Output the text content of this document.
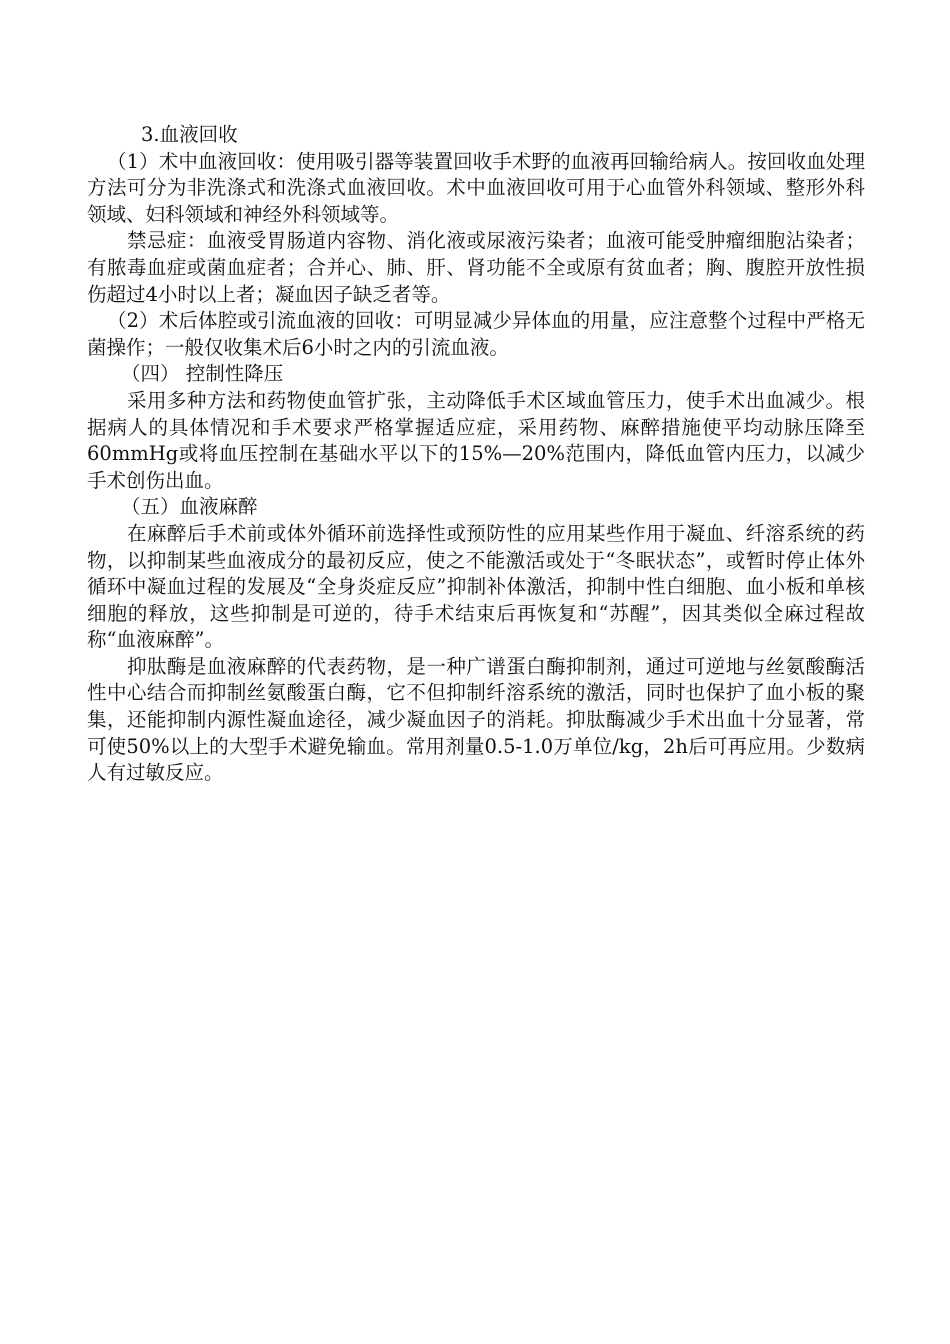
3.血液回收

（1）术中血液回收：使用吸引器等装置回收手术野的血液再回输给病人。按回收血处理方法可分为非洗涤式和洗涤式血液回收。术中血液回收可用于心血管外科领域、整形外科领域、妇科领域和神经外科领域等。

禁忌症：血液受胃肠道内容物、消化液或尿液污染者；血液可能受肿瘤细胞沾染者；有脓毒血症或菌血症者；合并心、肺、肝、肾功能不全或原有贫血者；胸、腹腔开放性损伤超过4小时以上者；凝血因子缺乏者等。

（2）术后体腔或引流血液的回收：可明显减少异体血的用量，应注意整个过程中严格无菌操作；一般仅收集术后6小时之内的引流血液。

（四） 控制性降压

采用多种方法和药物使血管扩张，主动降低手术区域血管压力，使手术出血减少。根据病人的具体情况和手术要求严格掌握适应症，采用药物、麻醉措施使平均动脉压降至60mmHg或将血压控制在基础水平以下的15%—20%范围内，降低血管内压力，以减少手术创伤出血。

（五）血液麻醉

在麻醉后手术前或体外循环前选择性或预防性的应用某些作用于凝血、纤溶系统的药物，以抑制某些血液成分的最初反应，使之不能激活或处于“冬眠状态”，或暂时停止体外循环中凝血过程的发展及“全身炎症反应”抑制补体激活，抑制中性白细胞、血小板和单核细胞的释放，这些抑制是可逆的，待手术结束后再恢复和“苏醒”，因其类似全麻过程故称“血液麻醉”。

抑肽酶是血液麻醉的代表药物，是一种广谱蛋白酶抑制剂，通过可逆地与丝氨酸酶活性中心结合而抑制丝氨酸蛋白酶，它不但抑制纤溶系统的激活，同时也保护了血小板的聚集，还能抑制内源性凝血途径，减少凝血因子的消耗。抑肽酶减少手术出血十分显著，常可使50%以上的大型手术避免输血。常用剂量0.5-1.0万单位/kg，2h后可再应用。少数病人有过敏反应。
